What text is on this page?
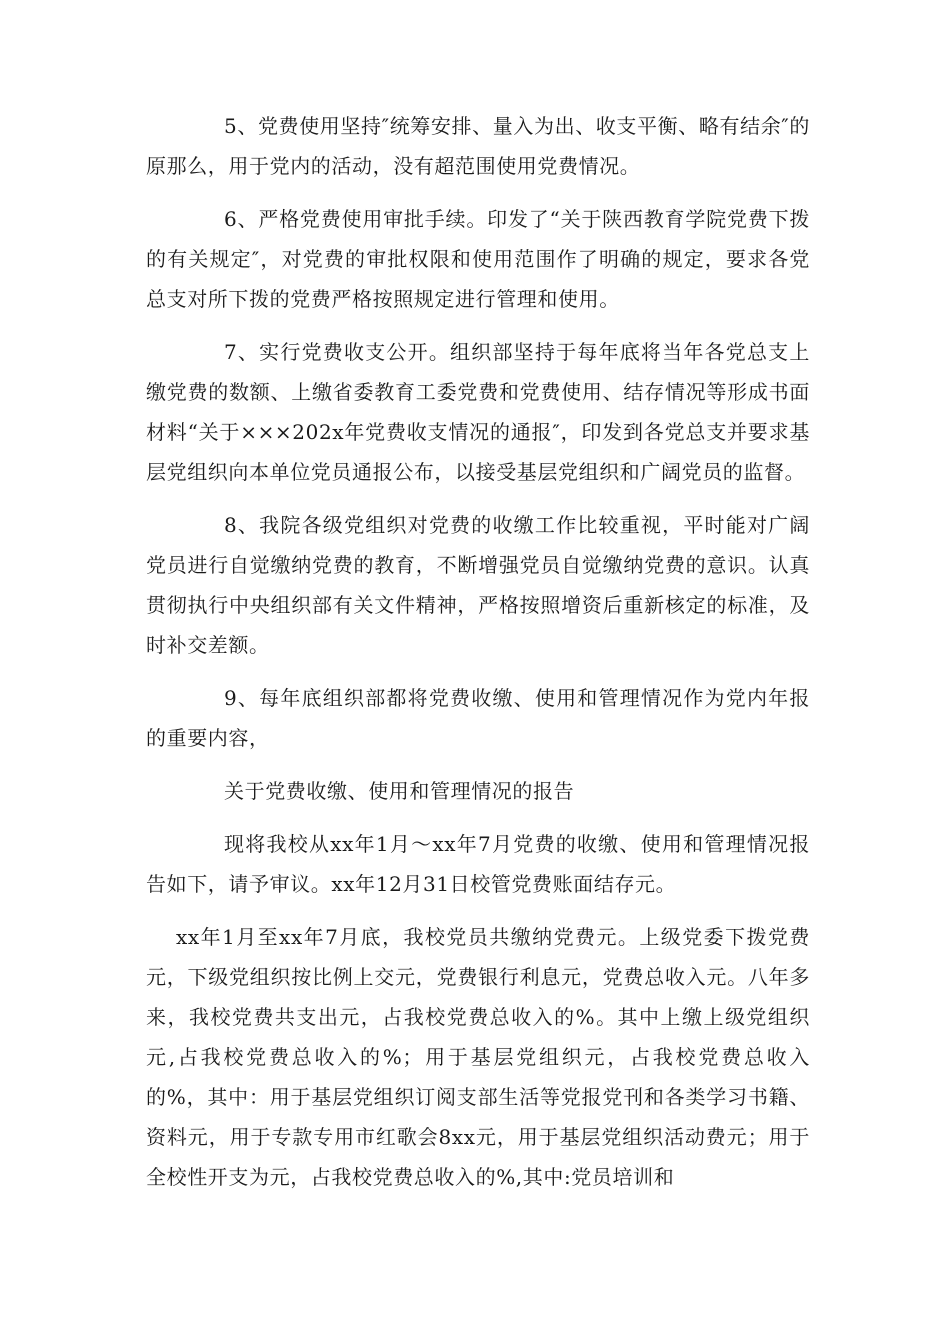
5、党费使用坚持″统筹安排、量入为出、收支平衡、略有结余″的原那么，用于党内的活动，没有超范围使用党费情况。

6、严格党费使用审批手续。印发了“关于陕西教育学院党费下拨的有关规定″，对党费的审批权限和使用范围作了明确的规定，要求各党总支对所下拨的党费严格按照规定进行管理和使用。

7、实行党费收支公开。组织部坚持于每年底将当年各党总支上缴党费的数额、上缴省委教育工委党费和党费使用、结存情况等形成书面材料“关于×××202x年党费收支情况的通报″，印发到各党总支并要求基层党组织向本单位党员通报公布，以接受基层党组织和广阔党员的监督。

8、我院各级党组织对党费的收缴工作比较重视，平时能对广阔党员进行自觉缴纳党费的教育，不断增强党员自觉缴纳党费的意识。认真贯彻执行中央组织部有关文件精神，严格按照增资后重新核定的标准，及时补交差额。

9、每年底组织部都将党费收缴、使用和管理情况作为党内年报的重要内容，

关于党费收缴、使用和管理情况的报告

现将我校从xx年1月～xx年7月党费的收缴、使用和管理情况报告如下，请予审议。xx年12月31日校管党费账面结存元。

xx年1月至xx年7月底，我校党员共缴纳党费元。上级党委下拨党费元，下级党组织按比例上交元，党费银行利息元，党费总收入元。八年多来，我校党费共支出元，占我校党费总收入的%。其中上缴上级党组织元,占我校党费总收入的%；用于基层党组织元，占我校党费总收入的%，其中：用于基层党组织订阅支部生活等党报党刊和各类学习书籍、资料元，用于专款专用市红歌会8xx元，用于基层党组织活动费元；用于全校性开支为元，占我校党费总收入的%,其中:党员培训和
